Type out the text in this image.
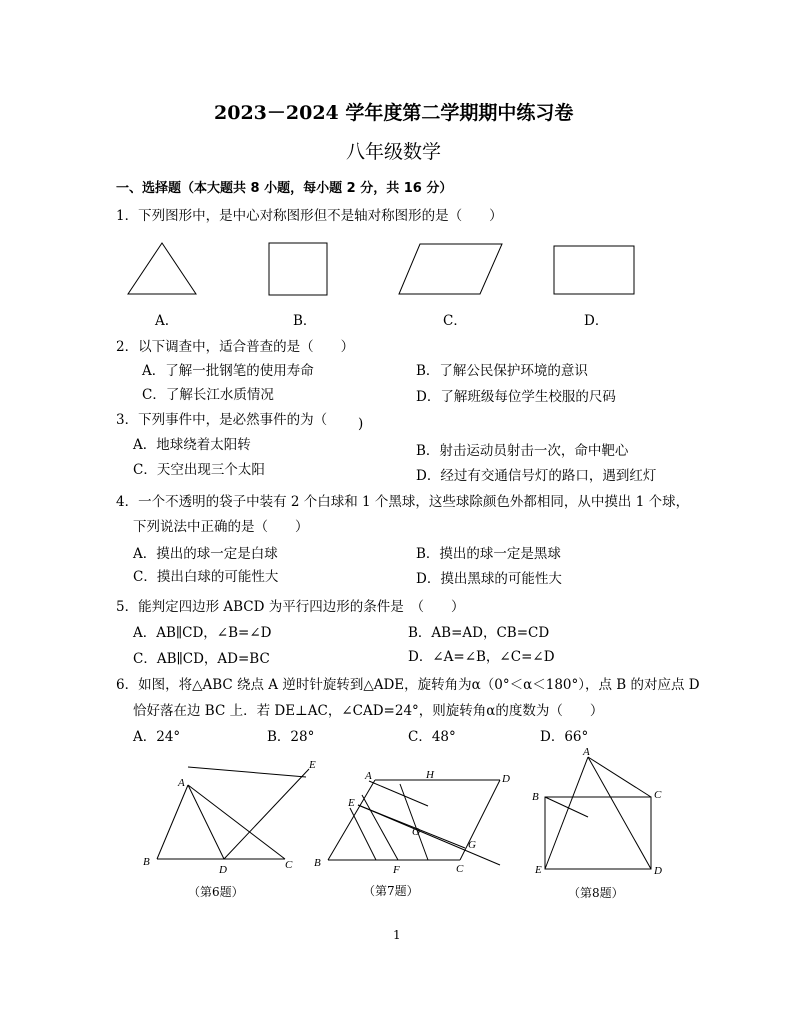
2023－2024 学年度第二学期期中练习卷
八年级数学
一、选择题（本大题共 8 小题，每小题 2 分，共 16 分）
1．下列图形中，是中心对称图形但不是轴对称图形的是（　　）
A.	B．	C．	D．
2．以下调查中，适合普查的是（　　）
A．了解一批钢笔的使用寿命	B．了解公民保护环境的意识
C．了解长江水质情况	D．了解班级每位学生校服的尺码
3．下列事件中，是必然事件的为（ )
A．地球绕着太阳转	B．射击运动员射击一次，命中靶心
C．天空出现三个太阳	D．经过有交通信号灯的路口，遇到红灯
4．一个不透明的袋子中装有 2 个白球和 1 个黑球，这些球除颜色外都相同，从中摸出 1 个球，
下列说法中正确的是（　　）
A．摸出的球一定是白球	B．摸出的球一定是黑球
C．摸出白球的可能性大	D．摸出黑球的可能性大
5．能判定四边形 ABCD 为平行四边形的条件是　（　　）
A．AB∥CD，∠B=∠D	B．AB=AD，CB=CD
C．AB∥CD，AD=BC	D．∠A=∠B，∠C=∠D
6．如图，将△ABC 绕点 A 逆时针旋转到△ADE，旋转角为α（0°＜α＜180°），点 B 的对应点 D
恰好落在边 BC 上．若 DE⊥AC，∠CAD=24°，则旋转角α的度数为（　　）
A．24°	B．28°	C．48°	D．66°
A
B	C
D
E
（第6题）
A	H	D
E
O
G
B
F	C
（第7题）
A
B	C
E	D
（第8题）
1
